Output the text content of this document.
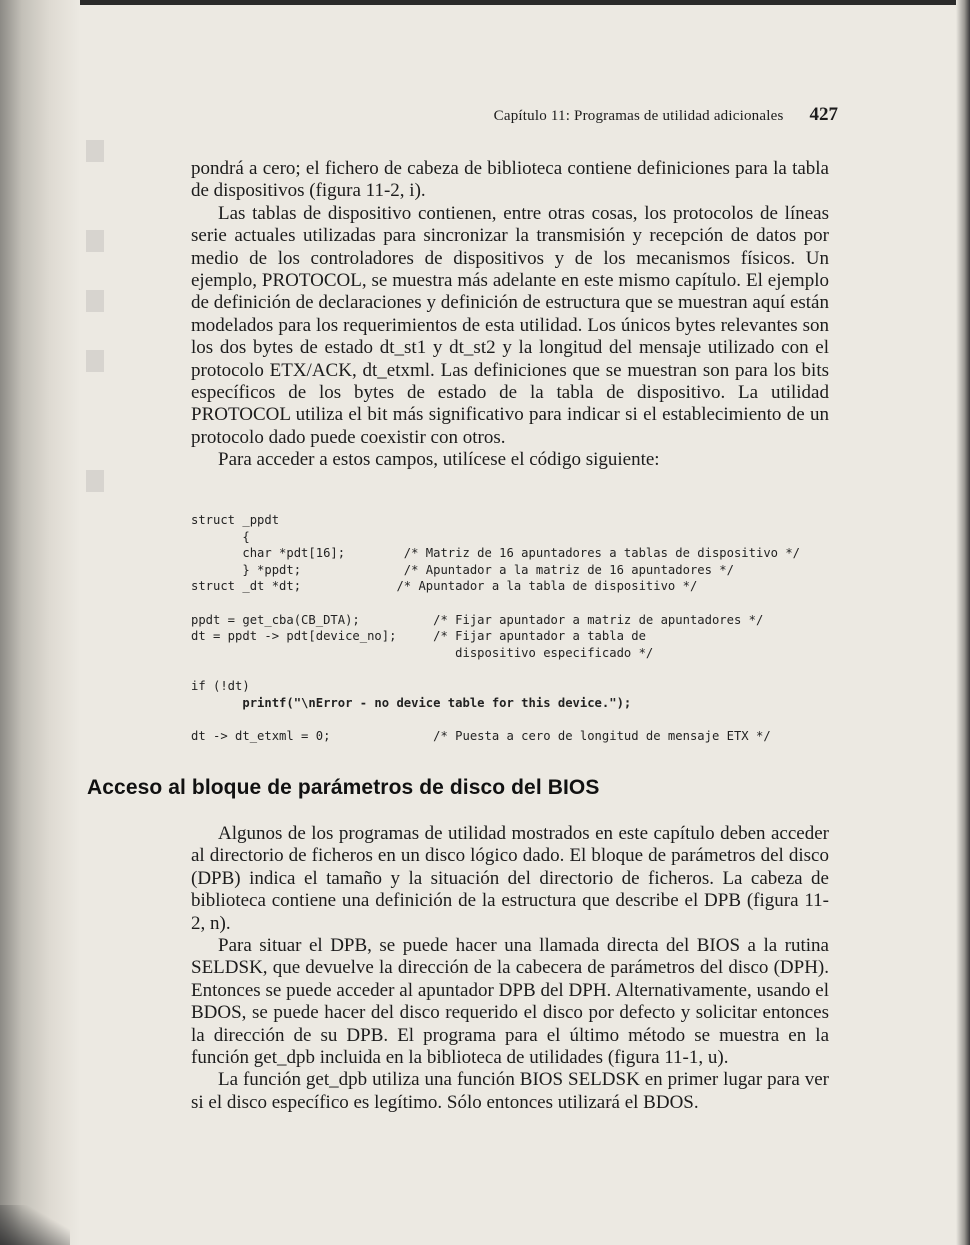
Capítulo 11: Programas de utilidad adicionales 427

pondrá a cero; el fichero de cabeza de biblioteca contiene definiciones para la tabla de dispositivos (figura 11-2, i).

Las tablas de dispositivo contienen, entre otras cosas, los protocolos de líneas serie actuales utilizadas para sincronizar la transmisión y recepción de datos por medio de los controladores de dispositivos y de los mecanismos físicos. Un ejemplo, PROTOCOL, se muestra más adelante en este mismo capítulo. El ejemplo de definición de declaraciones y definición de estructura que se muestran aquí están modelados para los requerimientos de esta utilidad. Los únicos bytes relevantes son los dos bytes de estado dt_st1 y dt_st2 y la longitud del mensaje utilizado con el protocolo ETX/ACK, dt_etxml. Las definiciones que se muestran son para los bits específicos de los bytes de estado de la tabla de dispositivo. La utilidad PROTOCOL utiliza el bit más significativo para indicar si el establecimiento de un protocolo dado puede coexistir con otros.

Para acceder a estos campos, utilícese el código siguiente:

struct _ppdt
{
char *pdt[16];        /* Matriz de 16 apuntadores a tablas de dispositivo */
} *ppdt;              /* Apuntador a la matriz de 16 apuntadores */
struct _dt *dt;             /* Apuntador a la tabla de dispositivo */

ppdt = get_cba(CB_DTA);          /* Fijar apuntador a matriz de apuntadores */
dt = ppdt -> pdt[device_no];     /* Fijar apuntador a tabla de
dispositivo especificado */

if (!dt)
printf("\nError - no device table for this device.");

dt -> dt_etxml = 0;              /* Puesta a cero de longitud de mensaje ETX */
Acceso al bloque de parámetros de disco del BIOS

Algunos de los programas de utilidad mostrados en este capítulo deben acceder al directorio de ficheros en un disco lógico dado. El bloque de parámetros del disco (DPB) indica el tamaño y la situación del directorio de ficheros. La cabeza de biblioteca contiene una definición de la estructura que describe el DPB (figura 11-2, n).

Para situar el DPB, se puede hacer una llamada directa del BIOS a la rutina SELDSK, que devuelve la dirección de la cabecera de parámetros del disco (DPH). Entonces se puede acceder al apuntador DPB del DPH. Alternativamente, usando el BDOS, se puede hacer del disco requerido el disco por defecto y solicitar entonces la dirección de su DPB. El programa para el último método se muestra en la función get_dpb incluida en la biblioteca de utilidades (figura 11-1, u).

La función get_dpb utiliza una función BIOS SELDSK en primer lugar para ver si el disco específico es legítimo. Sólo entonces utilizará el BDOS.
